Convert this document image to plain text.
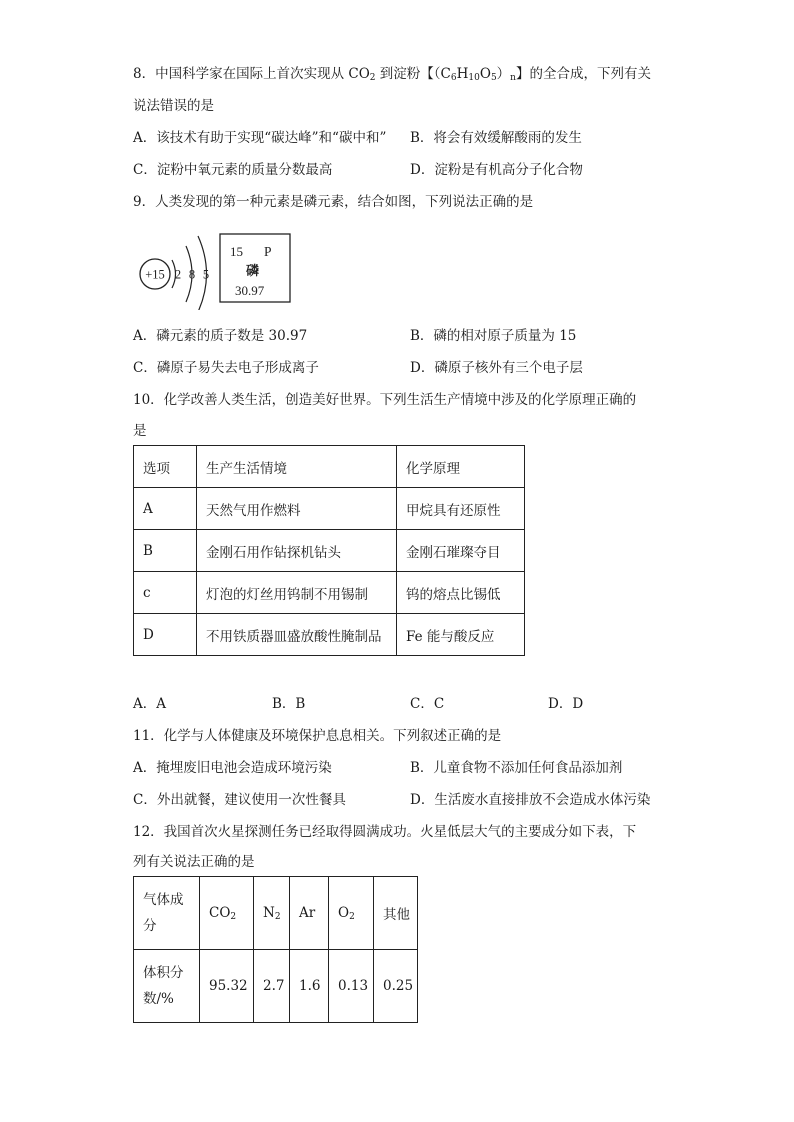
8．中国科学家在国际上首次实现从 $CO_2$ 到淀粉【$(C_6H_{10}O_5)_n$】的全合成，下列有关
说法错误的是
A．该技术有助于实现“碳达峰”和“碳中和” B．将会有效缓解酸雨的发生
C．淀粉中氧元素的质量分数最高	D．淀粉是有机高分子化合物
9．人类发现的第一种元素是磷元素，结合如图，下列说法正确的是
+15 2 8 5
15 P
磷
30.97
A．磷元素的质子数是 30.97	B．磷的相对原子质量为 15
C．磷原子易失去电子形成离子	D．磷原子核外有三个电子层
10．化学改善人类生活，创造美好世界。下列生活生产情境中涉及的化学原理正确的
是
选项	生产生活情境	化学原理
A	天然气用作燃料	甲烷具有还原性
B	金刚石用作钻探机钻头	金刚石璀璨夺目
c	灯泡的灯丝用钨制不用锡制	钨的熔点比锡低
D	不用铁质器皿盛放酸性腌制品	Fe 能与酸反应
A．A	B．B	C．C	D．D
11．化学与人体健康及环境保护息息相关。下列叙述正确的是
A．掩埋废旧电池会造成环境污染	B．儿童食物不添加任何食品添加剂
C．外出就餐，建议使用一次性餐具	D．生活废水直接排放不会造成水体污染
12．我国首次火星探测任务已经取得圆满成功。火星低层大气的主要成分如下表，下
列有关说法正确的是
气体成
分	$CO_2$	$N_2$	Ar	$O_2$	其他
体积分
数/%	95.32	2.7	1.6	0.13	0.25
